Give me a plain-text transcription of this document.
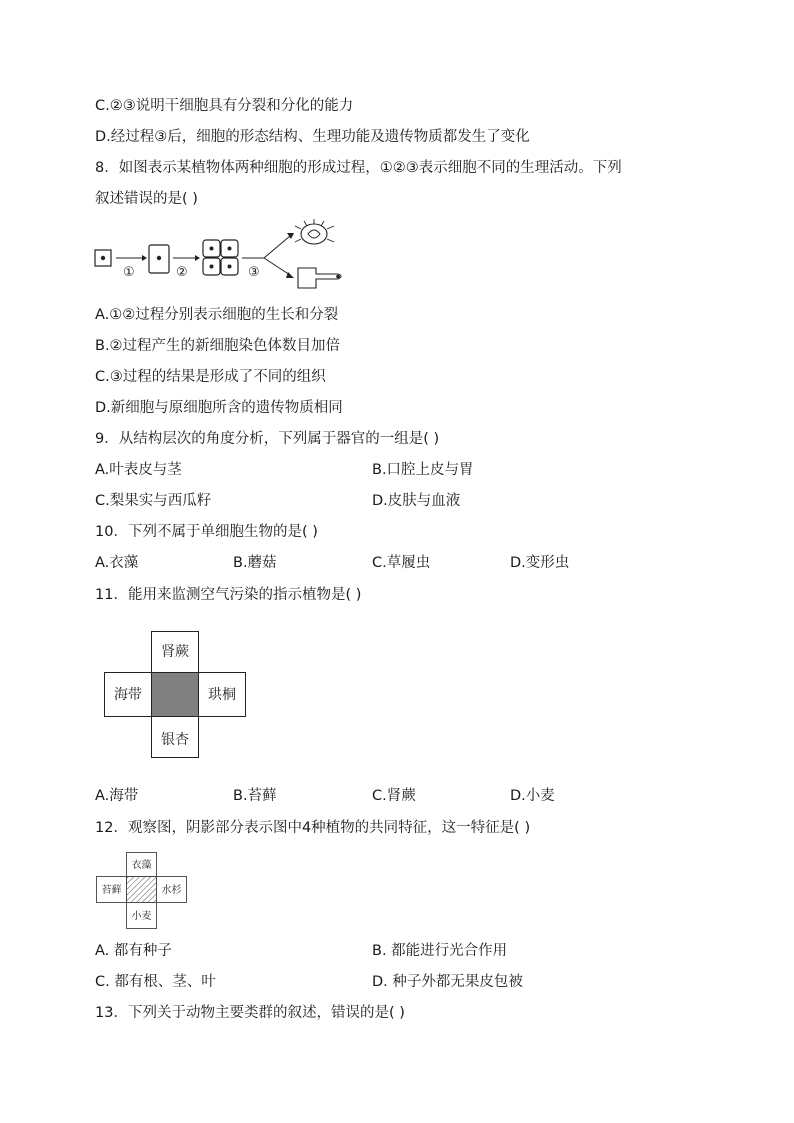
C.②③说明干细胞具有分裂和分化的能力
D.经过程③后，细胞的形态结构、生理功能及遗传物质都发生了变化
8．如图表示某植物体两种细胞的形成过程，①②③表示细胞不同的生理活动。下列
叙述错误的是( )
①	②	③
A.①②过程分别表示细胞的生长和分裂
B.②过程产生的新细胞染色体数目加倍
C.③过程的结果是形成了不同的组织
D.新细胞与原细胞所含的遗传物质相同
9．从结构层次的角度分析，下列属于器官的一组是( )
A.叶表皮与茎	B.口腔上皮与胃
C.梨果实与西瓜籽	D.皮肤与血液
10．下列不属于单细胞生物的是( )
A.衣藻	B.蘑菇	C.草履虫	D.变形虫
11．能用来监测空气污染的指示植物是( )
肾蕨
海带	珙桐
银杏
A.海带	B.苔藓	C.肾蕨	D.小麦
12．观察图，阴影部分表示图中4种植物的共同特征，这一特征是( )
衣藻
苔藓	水杉
小麦
A. 都有种子	B. 都能进行光合作用
C. 都有根、茎、叶	D. 种子外都无果皮包被
13．下列关于动物主要类群的叙述，错误的是( )
